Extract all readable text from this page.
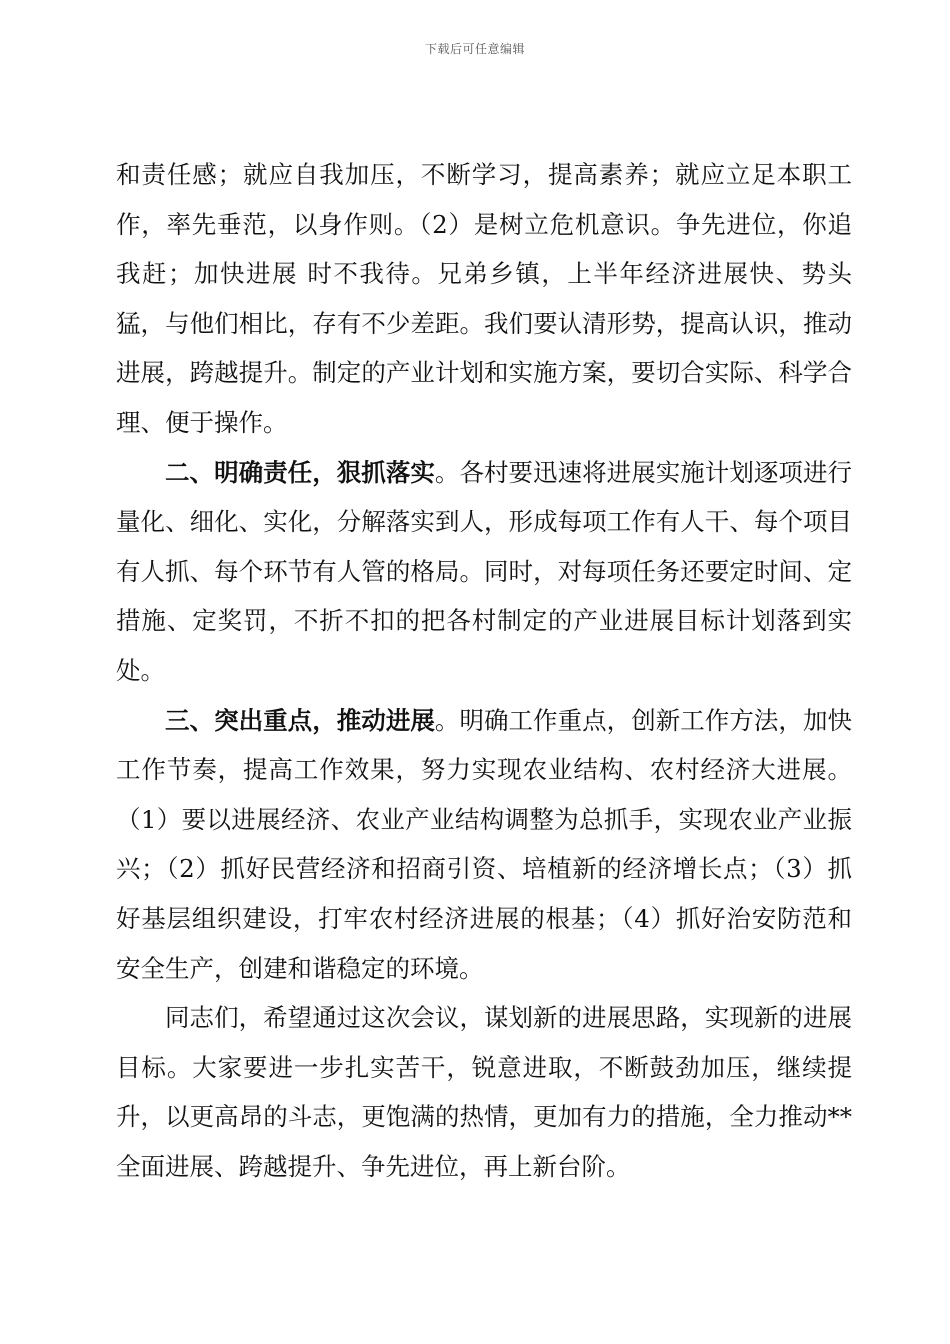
下载后可任意编辑

和责任感；就应自我加压，不断学习，提高素养；就应立足本职工作，率先垂范，以身作则。（2）是树立危机意识。争先进位，你追我赶；加快进展 时不我待。兄弟乡镇，上半年经济进展快、势头猛，与他们相比，存有不少差距。我们要认清形势，提高认识，推动进展，跨越提升。制定的产业计划和实施方案，要切合实际、科学合理、便于操作。

二、明确责任，狠抓落实。各村要迅速将进展实施计划逐项进行量化、细化、实化，分解落实到人，形成每项工作有人干、每个项目有人抓、每个环节有人管的格局。同时，对每项任务还要定时间、定措施、定奖罚，不折不扣的把各村制定的产业进展目标计划落到实处。

三、突出重点，推动进展。明确工作重点，创新工作方法，加快工作节奏，提高工作效果，努力实现农业结构、农村经济大进展。（1）要以进展经济、农业产业结构调整为总抓手，实现农业产业振兴；（2）抓好民营经济和招商引资、培植新的经济增长点；（3）抓好基层组织建设，打牢农村经济进展的根基；（4）抓好治安防范和安全生产，创建和谐稳定的环境。

同志们，希望通过这次会议，谋划新的进展思路，实现新的进展目标。大家要进一步扎实苦干，锐意进取，不断鼓劲加压，继续提升，以更高昂的斗志，更饱满的热情，更加有力的措施，全力推动**全面进展、跨越提升、争先进位，再上新台阶。
